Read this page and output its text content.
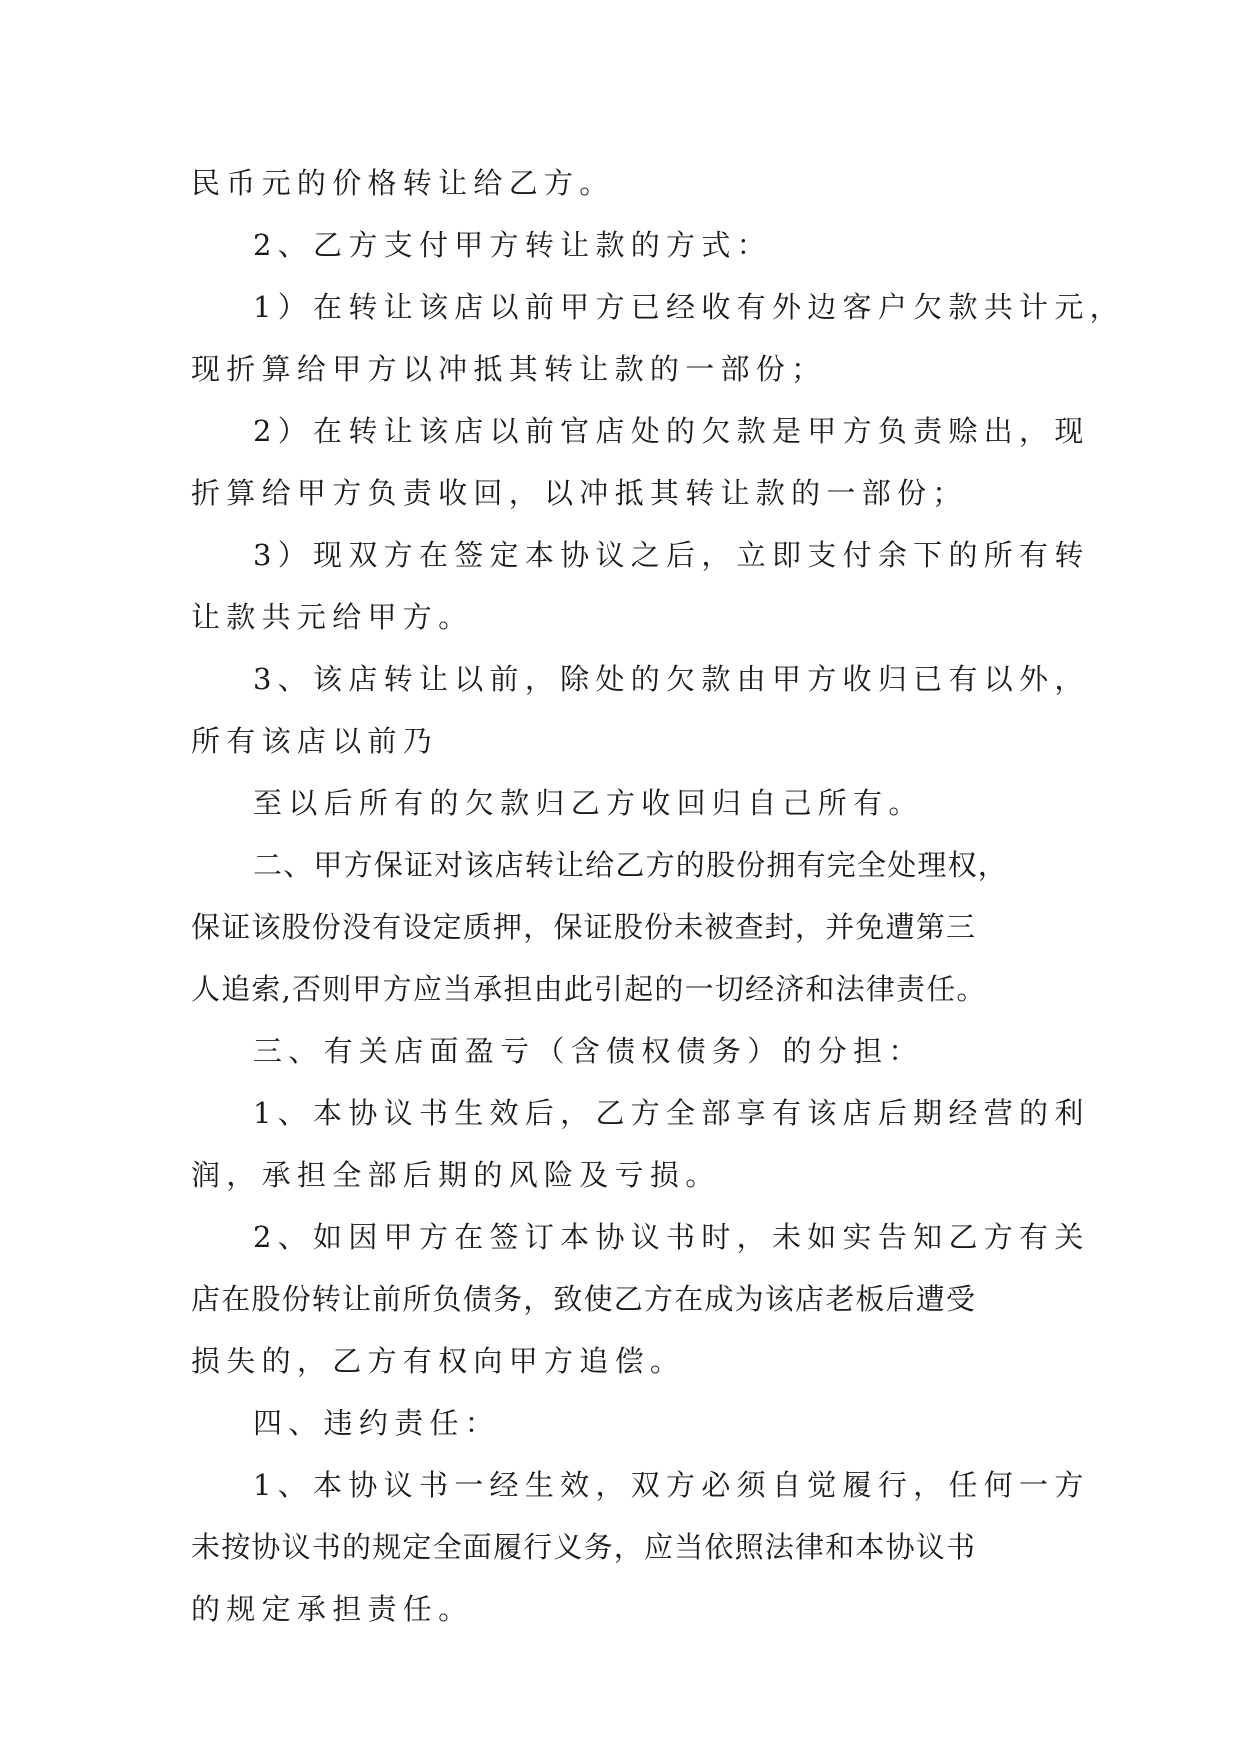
民币元的价格转让给乙方。
2、乙方支付甲方转让款的方式：
1）在转让该店以前甲方已经收有外边客户欠款共计元，
现折算给甲方以冲抵其转让款的一部份；
2）在转让该店以前官店处的欠款是甲方负责赊出，现
折算给甲方负责收回，以冲抵其转让款的一部份；
3）现双方在签定本协议之后，立即支付余下的所有转
让款共元给甲方。
3、该店转让以前，除处的欠款由甲方收归已有以外，
所有该店以前乃
至以后所有的欠款归乙方收回归自己所有。
二、甲方保证对该店转让给乙方的股份拥有完全处理权，
保证该股份没有设定质押，保证股份未被查封，并免遭第三
人追索,否则甲方应当承担由此引起的一切经济和法律责任。
三、有关店面盈亏（含债权债务）的分担：
1、本协议书生效后，乙方全部享有该店后期经营的利
润，承担全部后期的风险及亏损。
2、如因甲方在签订本协议书时，未如实告知乙方有关
店在股份转让前所负债务，致使乙方在成为该店老板后遭受
损失的，乙方有权向甲方追偿。
四、违约责任：
1、本协议书一经生效，双方必须自觉履行，任何一方
未按协议书的规定全面履行义务，应当依照法律和本协议书
的规定承担责任。
